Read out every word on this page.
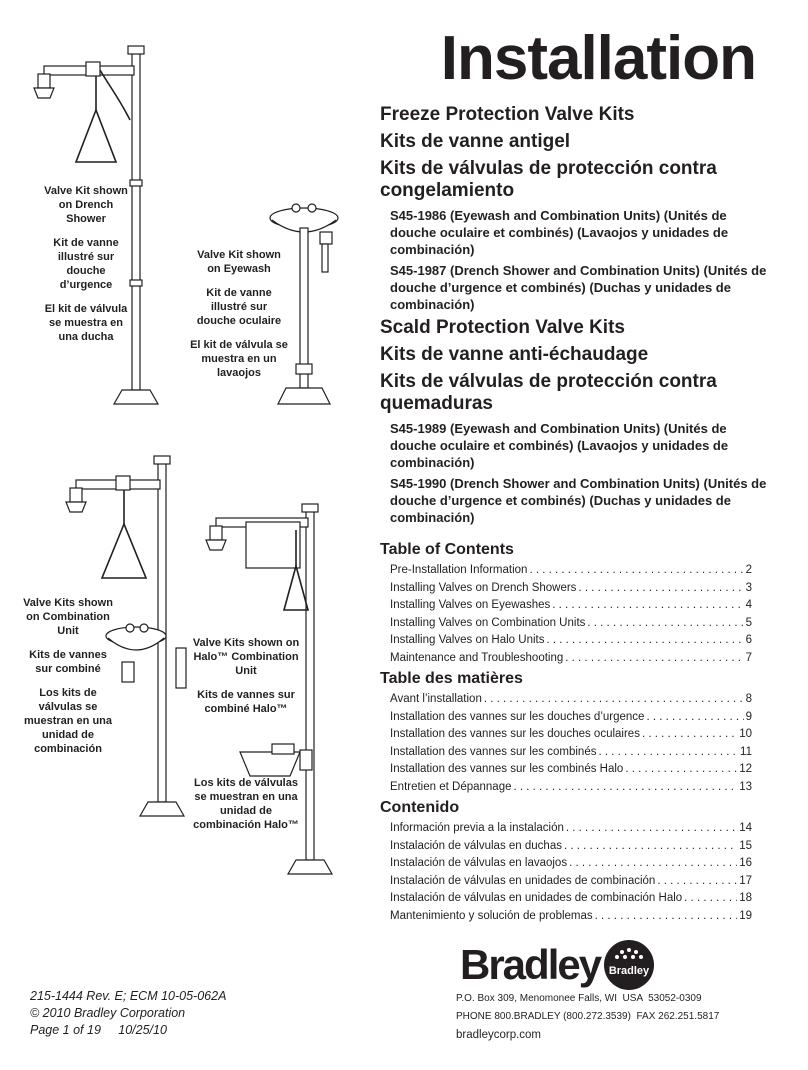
Installation
Freeze Protection Valve Kits
Kits de vanne antigel
Kits de válvulas de protección contra congelamiento
S45-1986 (Eyewash and Combination Units) (Unités de douche oculaire et combinés) (Lavaojos y unidades de combinación)
S45-1987 (Drench Shower and Combination Units) (Unités de douche d’urgence et combinés) (Duchas y unidades de combinación)
Scald Protection Valve Kits
Kits de vanne anti-échaudage
Kits de válvulas de protección contra quemaduras
S45-1989 (Eyewash and Combination Units) (Unités de douche oculaire et combinés) (Lavaojos y unidades de combinación)
S45-1990 (Drench Shower and Combination Units) (Unités de douche d’urgence et combinés) (Duchas y unidades de combinación)
Table of Contents
Pre-Installation Information . . .	2
Installing Valves on Drench Showers . . .	3
Installing Valves on Eyewashes . . .	4
Installing Valves on Combination Units . . .	5
Installing Valves on Halo Units . . .	6
Maintenance and Troubleshooting . . .	7
Table des matières
Avant l’installation . . .	8
Installation des vannes sur les douches d’urgence . . .	9
Installation des vannes sur les douches oculaires . . .	10
Installation des vannes sur les combinés . . .	11
Installation des vannes sur les combinés Halo . . .	12
Entretien et Dépannage . . .	13
Contenido
Información previa a la instalación . . .	14
Instalación de válvulas en duchas . . .	15
Instalación de válvulas en lavaojos . . .	16
Instalación de válvulas en unidades de combinación . . .	17
Instalación de válvulas en unidades de combinación Halo . . .	18
Mantenimiento y solución de problemas . . .	19

Valve Kit shown on Drench Shower

Kit de vanne illustré sur douche d’urgence

El kit de válvula se muestra en una ducha

Valve Kit shown on Eyewash

Kit de vanne illustré sur douche oculaire

El kit de válvula se muestra en un lavaojos

Valve Kits shown on Combination Unit

Kits de vannes sur combiné

Los kits de válvulas se muestran en una unidad de combinación

Valve Kits shown on Halo™ Combination Unit

Kits de vannes sur combiné Halo™

Los kits de válvulas se muestran en una unidad de combinación Halo™

Bradley Bradley
215-1444 Rev. E; ECM 10-05-062A
© 2010 Bradley Corporation
Page 1 of 19     10/25/10
P.O. Box 309, Menomonee Falls, WI  USA  53052-0309
PHONE 800.BRADLEY (800.272.3539)  FAX 262.251.5817
bradleycorp.com
